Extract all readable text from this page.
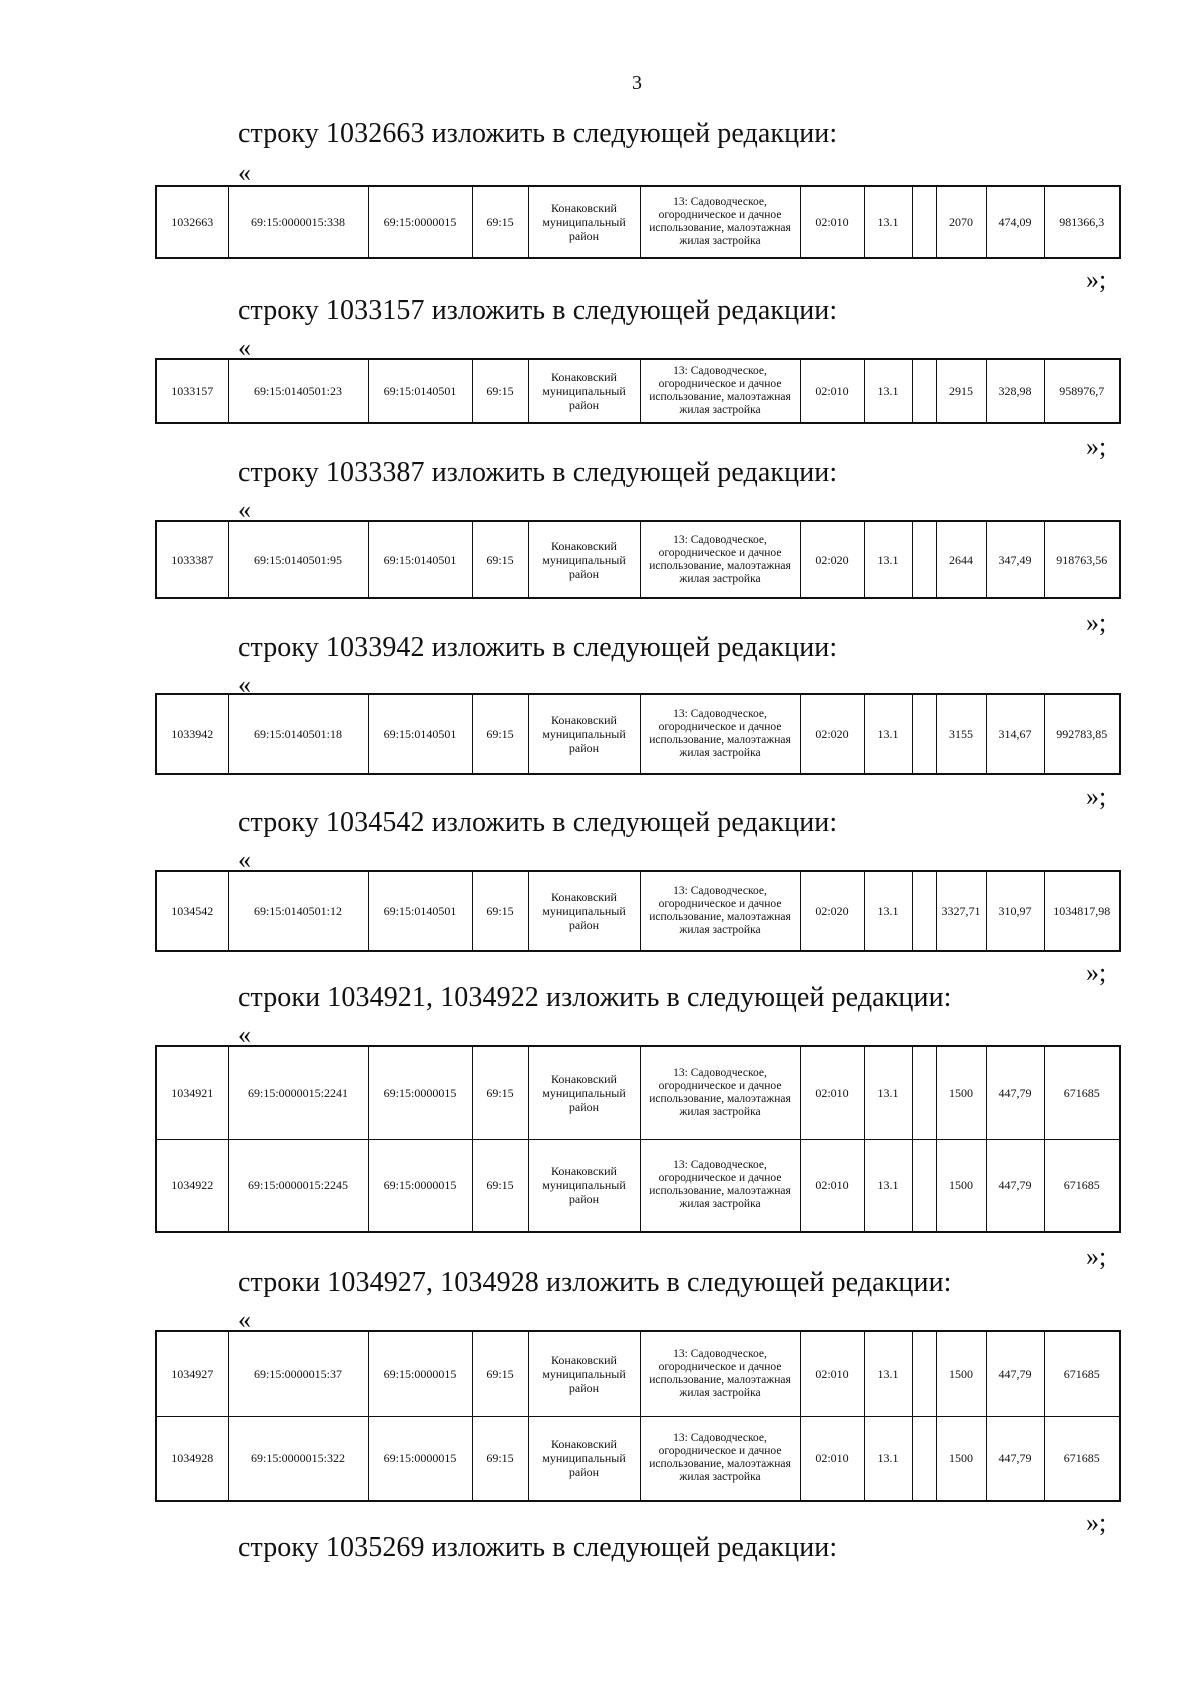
3
строку 1032663 изложить в следующей редакции:
«
1032663	69:15:0000015:338	69:15:0000015	69:15	Конаковский муниципальный район	13: Садоводческое, огородническое и дачное использование, малоэтажная жилая застройка	02:010	13.1		2070	474,09	981366,3
»;
строку 1033157 изложить в следующей редакции:
«
1033157	69:15:0140501:23	69:15:0140501	69:15	Конаковский муниципальный район	13: Садоводческое, огородническое и дачное использование, малоэтажная жилая застройка	02:010	13.1		2915	328,98	958976,7
»;
строку 1033387 изложить в следующей редакции:
«
1033387	69:15:0140501:95	69:15:0140501	69:15	Конаковский муниципальный район	13: Садоводческое, огородническое и дачное использование, малоэтажная жилая застройка	02:020	13.1		2644	347,49	918763,56
»;
строку 1033942 изложить в следующей редакции:
«
1033942	69:15:0140501:18	69:15:0140501	69:15	Конаковский муниципальный район	13: Садоводческое, огородническое и дачное использование, малоэтажная жилая застройка	02:020	13.1		3155	314,67	992783,85
»;
строку 1034542 изложить в следующей редакции:
«
1034542	69:15:0140501:12	69:15:0140501	69:15	Конаковский муниципальный район	13: Садоводческое, огородническое и дачное использование, малоэтажная жилая застройка	02:020	13.1		3327,71	310,97	1034817,98
»;
строки 1034921, 1034922 изложить в следующей редакции:
«
1034921	69:15:0000015:2241	69:15:0000015	69:15	Конаковский муниципальный район	13: Садоводческое, огородническое и дачное использование, малоэтажная жилая застройка	02:010	13.1		1500	447,79	671685
1034922	69:15:0000015:2245	69:15:0000015	69:15	Конаковский муниципальный район	13: Садоводческое, огородническое и дачное использование, малоэтажная жилая застройка	02:010	13.1		1500	447,79	671685
»;
строки 1034927, 1034928 изложить в следующей редакции:
«
1034927	69:15:0000015:37	69:15:0000015	69:15	Конаковский муниципальный район	13: Садоводческое, огородническое и дачное использование, малоэтажная жилая застройка	02:010	13.1		1500	447,79	671685
1034928	69:15:0000015:322	69:15:0000015	69:15	Конаковский муниципальный район	13: Садоводческое, огородническое и дачное использование, малоэтажная жилая застройка	02:010	13.1		1500	447,79	671685
»;
строку 1035269 изложить в следующей редакции:
